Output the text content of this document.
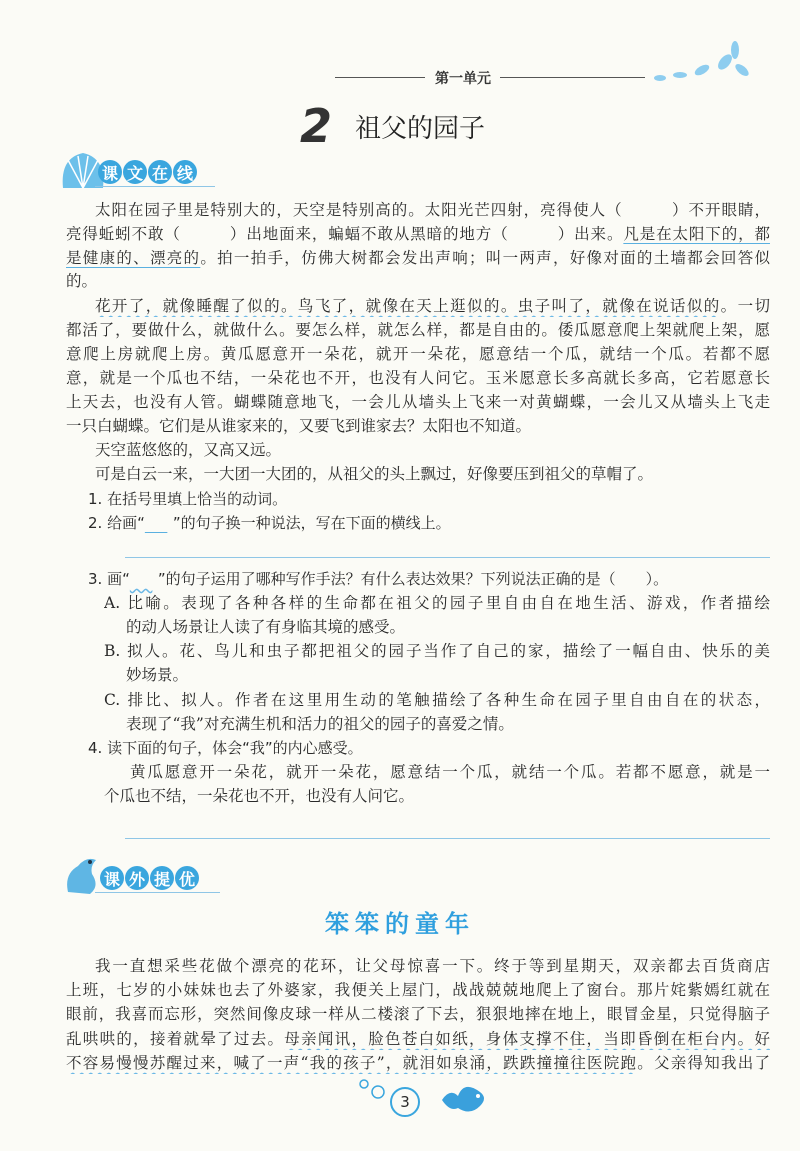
第一单元
2 祖父的园子
课 文 在 线
太阳在园子里是特别大的，天空是特别高的。太阳光芒四射，亮得使人（　　　）不开眼睛，
亮得蚯蚓不敢（　　　）出地面来，蝙蝠不敢从黑暗的地方（　　　）出来。凡是在太阳下的，都
是健康的、漂亮的。拍一拍手，仿佛大树都会发出声响；叫一两声，好像对面的土墙都会回答似
的。
花开了，就像睡醒了似的。鸟飞了，就像在天上逛似的。虫子叫了，就像在说话似的。一切
都活了，要做什么，就做什么。要怎么样，就怎么样，都是自由的。倭瓜愿意爬上架就爬上架，愿
意爬上房就爬上房。黄瓜愿意开一朵花，就开一朵花，愿意结一个瓜，就结一个瓜。若都不愿
意，就是一个瓜也不结，一朵花也不开，也没有人问它。玉米愿意长多高就长多高，它若愿意长
上天去，也没有人管。蝴蝶随意地飞，一会儿从墙头上飞来一对黄蝴蝶，一会儿又从墙头上飞走
一只白蝴蝶。它们是从谁家来的，又要飞到谁家去？太阳也不知道。
天空蓝悠悠的，又高又远。
可是白云一来，一大团一大团的，从祖父的头上飘过，好像要压到祖父的草帽了。
1. 在括号里填上恰当的动词。
2. 给画“    ”的句子换一种说法，写在下面的横线上。
3. 画“    ”的句子运用了哪种写作手法？有什么表达效果？下列说法正确的是（　　）。
A. 比喻。表现了各种各样的生命都在祖父的园子里自由自在地生活、游戏，作者描绘
的动人场景让人读了有身临其境的感受。
B. 拟人。花、鸟儿和虫子都把祖父的园子当作了自己的家，描绘了一幅自由、快乐的美
妙场景。
C. 排比、拟人。作者在这里用生动的笔触描绘了各种生命在园子里自由自在的状态，
表现了“我”对充满生机和活力的祖父的园子的喜爱之情。
4. 读下面的句子，体会“我”的内心感受。
黄瓜愿意开一朵花，就开一朵花，愿意结一个瓜，就结一个瓜。若都不愿意，就是一
个瓜也不结，一朵花也不开，也没有人问它。
课 外 提 优
笨笨的童年
我一直想采些花做个漂亮的花环，让父母惊喜一下。终于等到星期天，双亲都去百货商店
上班，七岁的小妹妹也去了外婆家，我便关上屋门，战战兢兢地爬上了窗台。那片姹紫嫣红就在
眼前，我喜而忘形，突然间像皮球一样从二楼滚了下去，狠狠地摔在地上，眼冒金星，只觉得脑子
乱哄哄的，接着就晕了过去。母亲闻讯，脸色苍白如纸，身体支撑不住，当即昏倒在柜台内。好
不容易慢慢苏醒过来，喊了一声“我的孩子”，就泪如泉涌，跌跌撞撞往医院跑。父亲得知我出了
3
